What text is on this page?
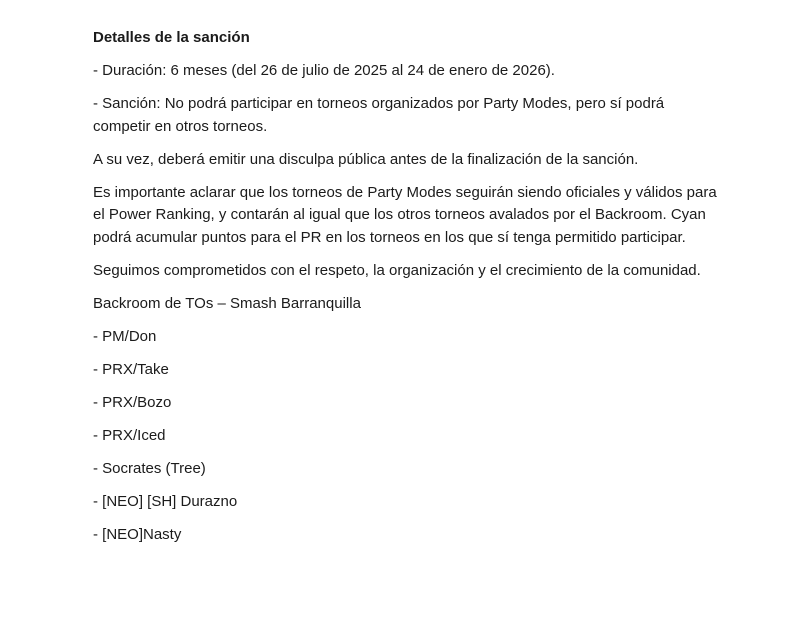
Detalles de la sanción
- Duración: 6 meses (del 26 de julio de 2025 al 24 de enero de 2026).
- Sanción: No podrá participar en torneos organizados por Party Modes, pero sí podrá competir en otros torneos.
A su vez, deberá emitir una disculpa pública antes de la finalización de la sanción.
Es importante aclarar que los torneos de Party Modes seguirán siendo oficiales y válidos para el Power Ranking, y contarán al igual que los otros torneos avalados por el Backroom. Cyan podrá acumular puntos para el PR en los torneos en los que sí tenga permitido participar.
Seguimos comprometidos con el respeto, la organización y el crecimiento de la comunidad.
Backroom de TOs – Smash Barranquilla
- PM/Don
- PRX/Take
- PRX/Bozo
- PRX/Iced
- Socrates (Tree)
- [NEO] [SH] Durazno
- [NEO]Nasty
